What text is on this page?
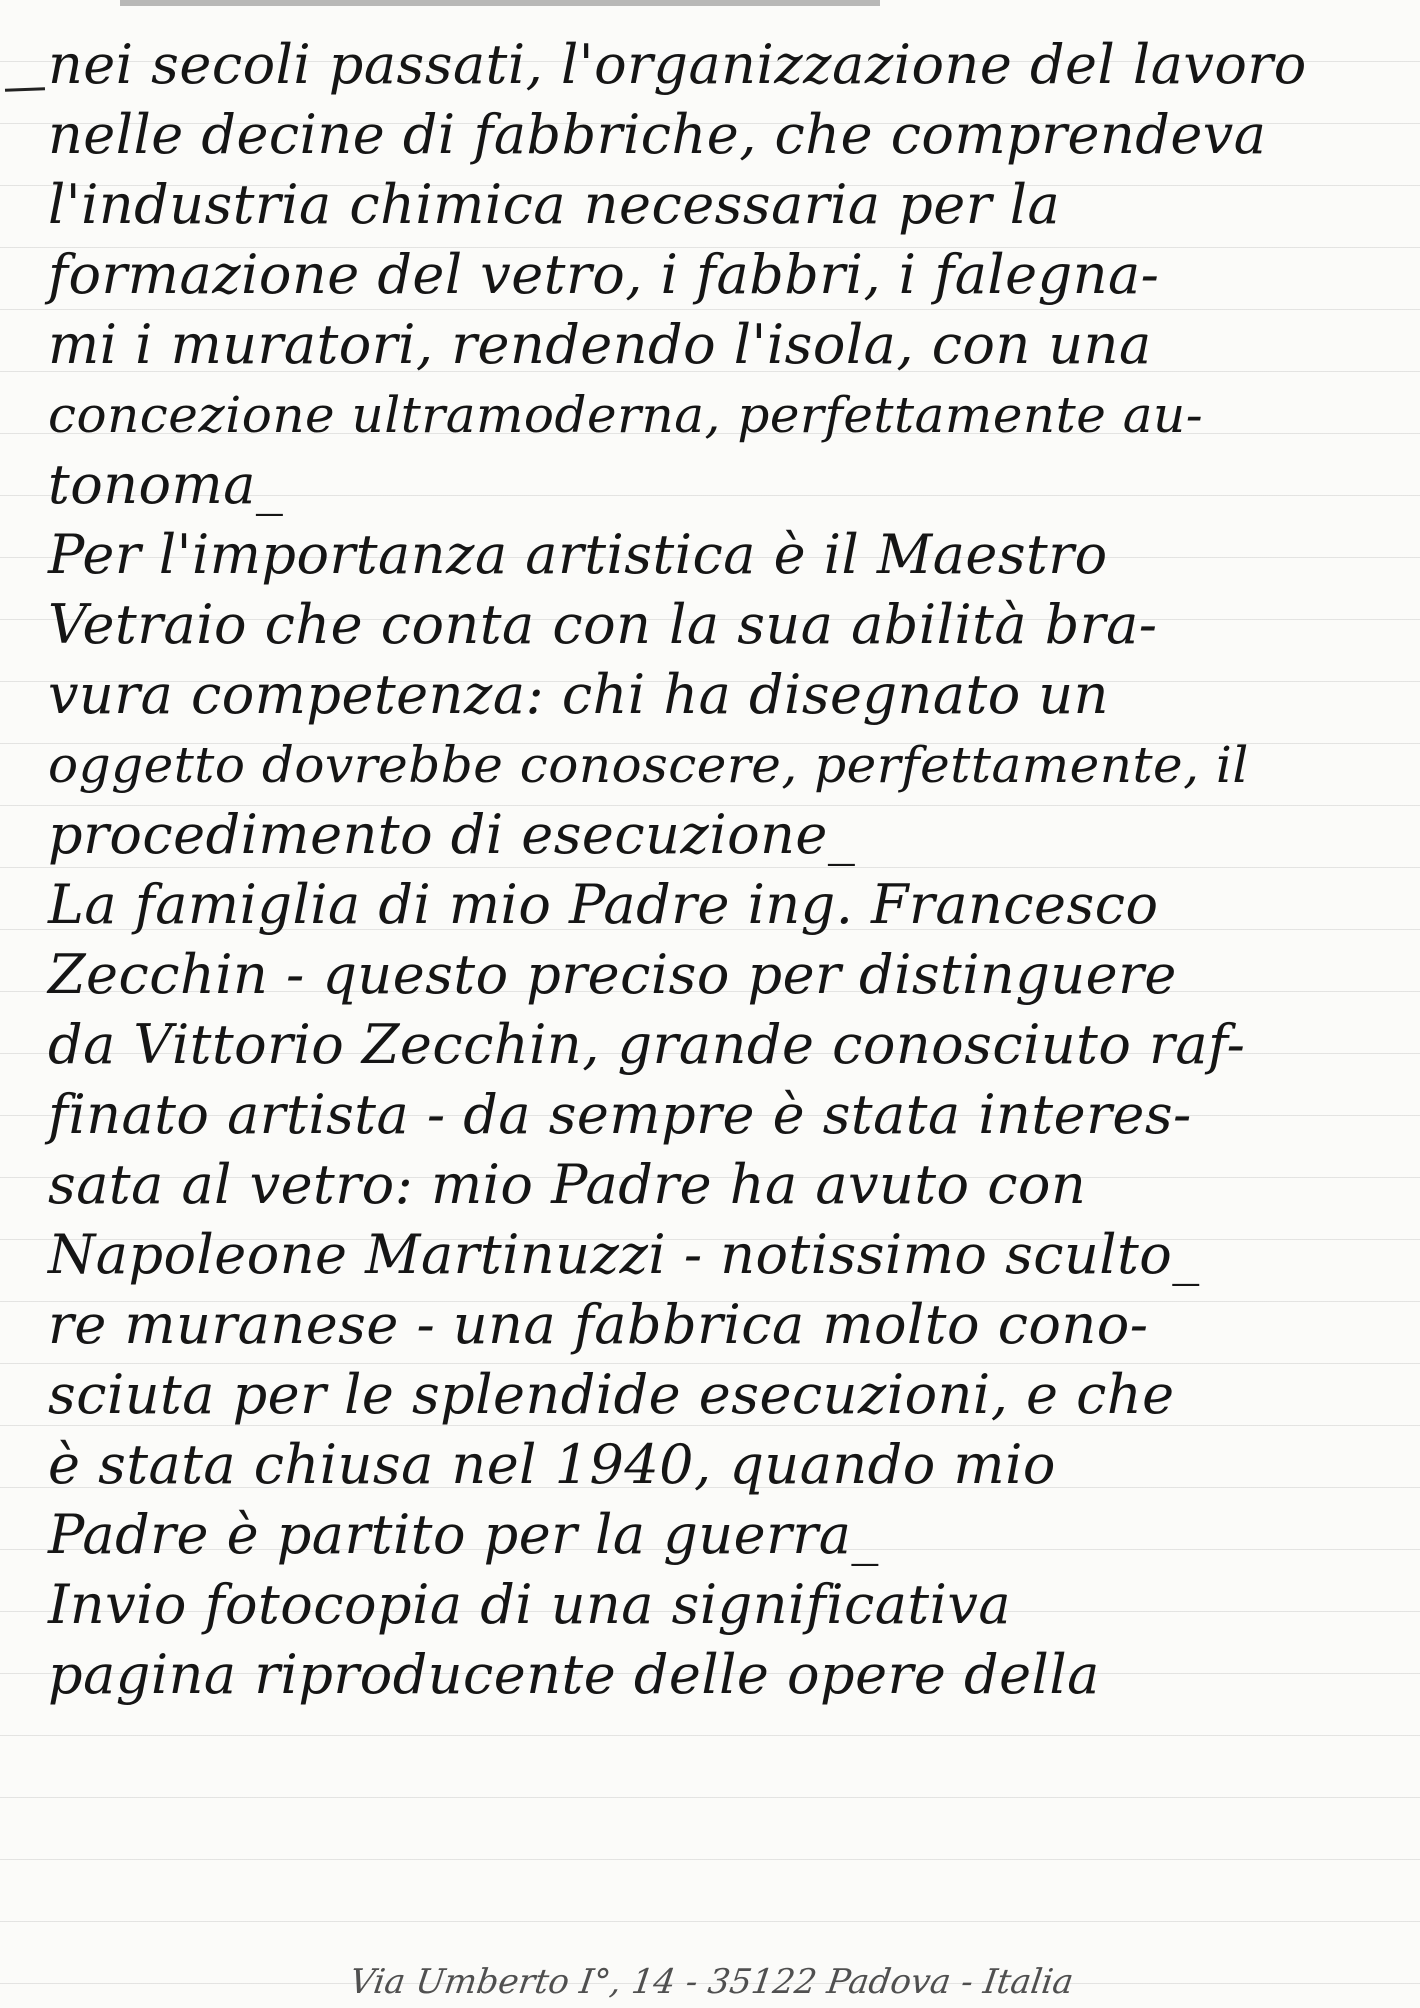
nei secoli passati, l'organizzazione del lavoro
nelle decine di fabbriche, che comprendeva
l'industria chimica necessaria per la
formazione del vetro, i fabbri, i falegna-
mi i muratori, rendendo l'isola, con una
concezione ultramoderna, perfettamente au-
tonoma_
Per l'importanza artistica è il Maestro
Vetraio che conta con la sua abilità bra-
vura competenza: chi ha disegnato un
oggetto dovrebbe conoscere, perfettamente, il
procedimento di esecuzione_
La famiglia di mio Padre ing. Francesco
Zecchin - questo preciso per distinguere
da Vittorio Zecchin, grande conosciuto raf-
finato artista - da sempre è stata interes-
sata al vetro: mio Padre ha avuto con
Napoleone Martinuzzi - notissimo sculto_
re muranese - una fabbrica molto cono-
sciuta per le splendide esecuzioni, e che
è stata chiusa nel 1940, quando mio
Padre è partito per la guerra_
Invio fotocopia di una significativa
pagina riproducente delle opere della
Via Umberto I°, 14 - 35122 Padova - Italia
